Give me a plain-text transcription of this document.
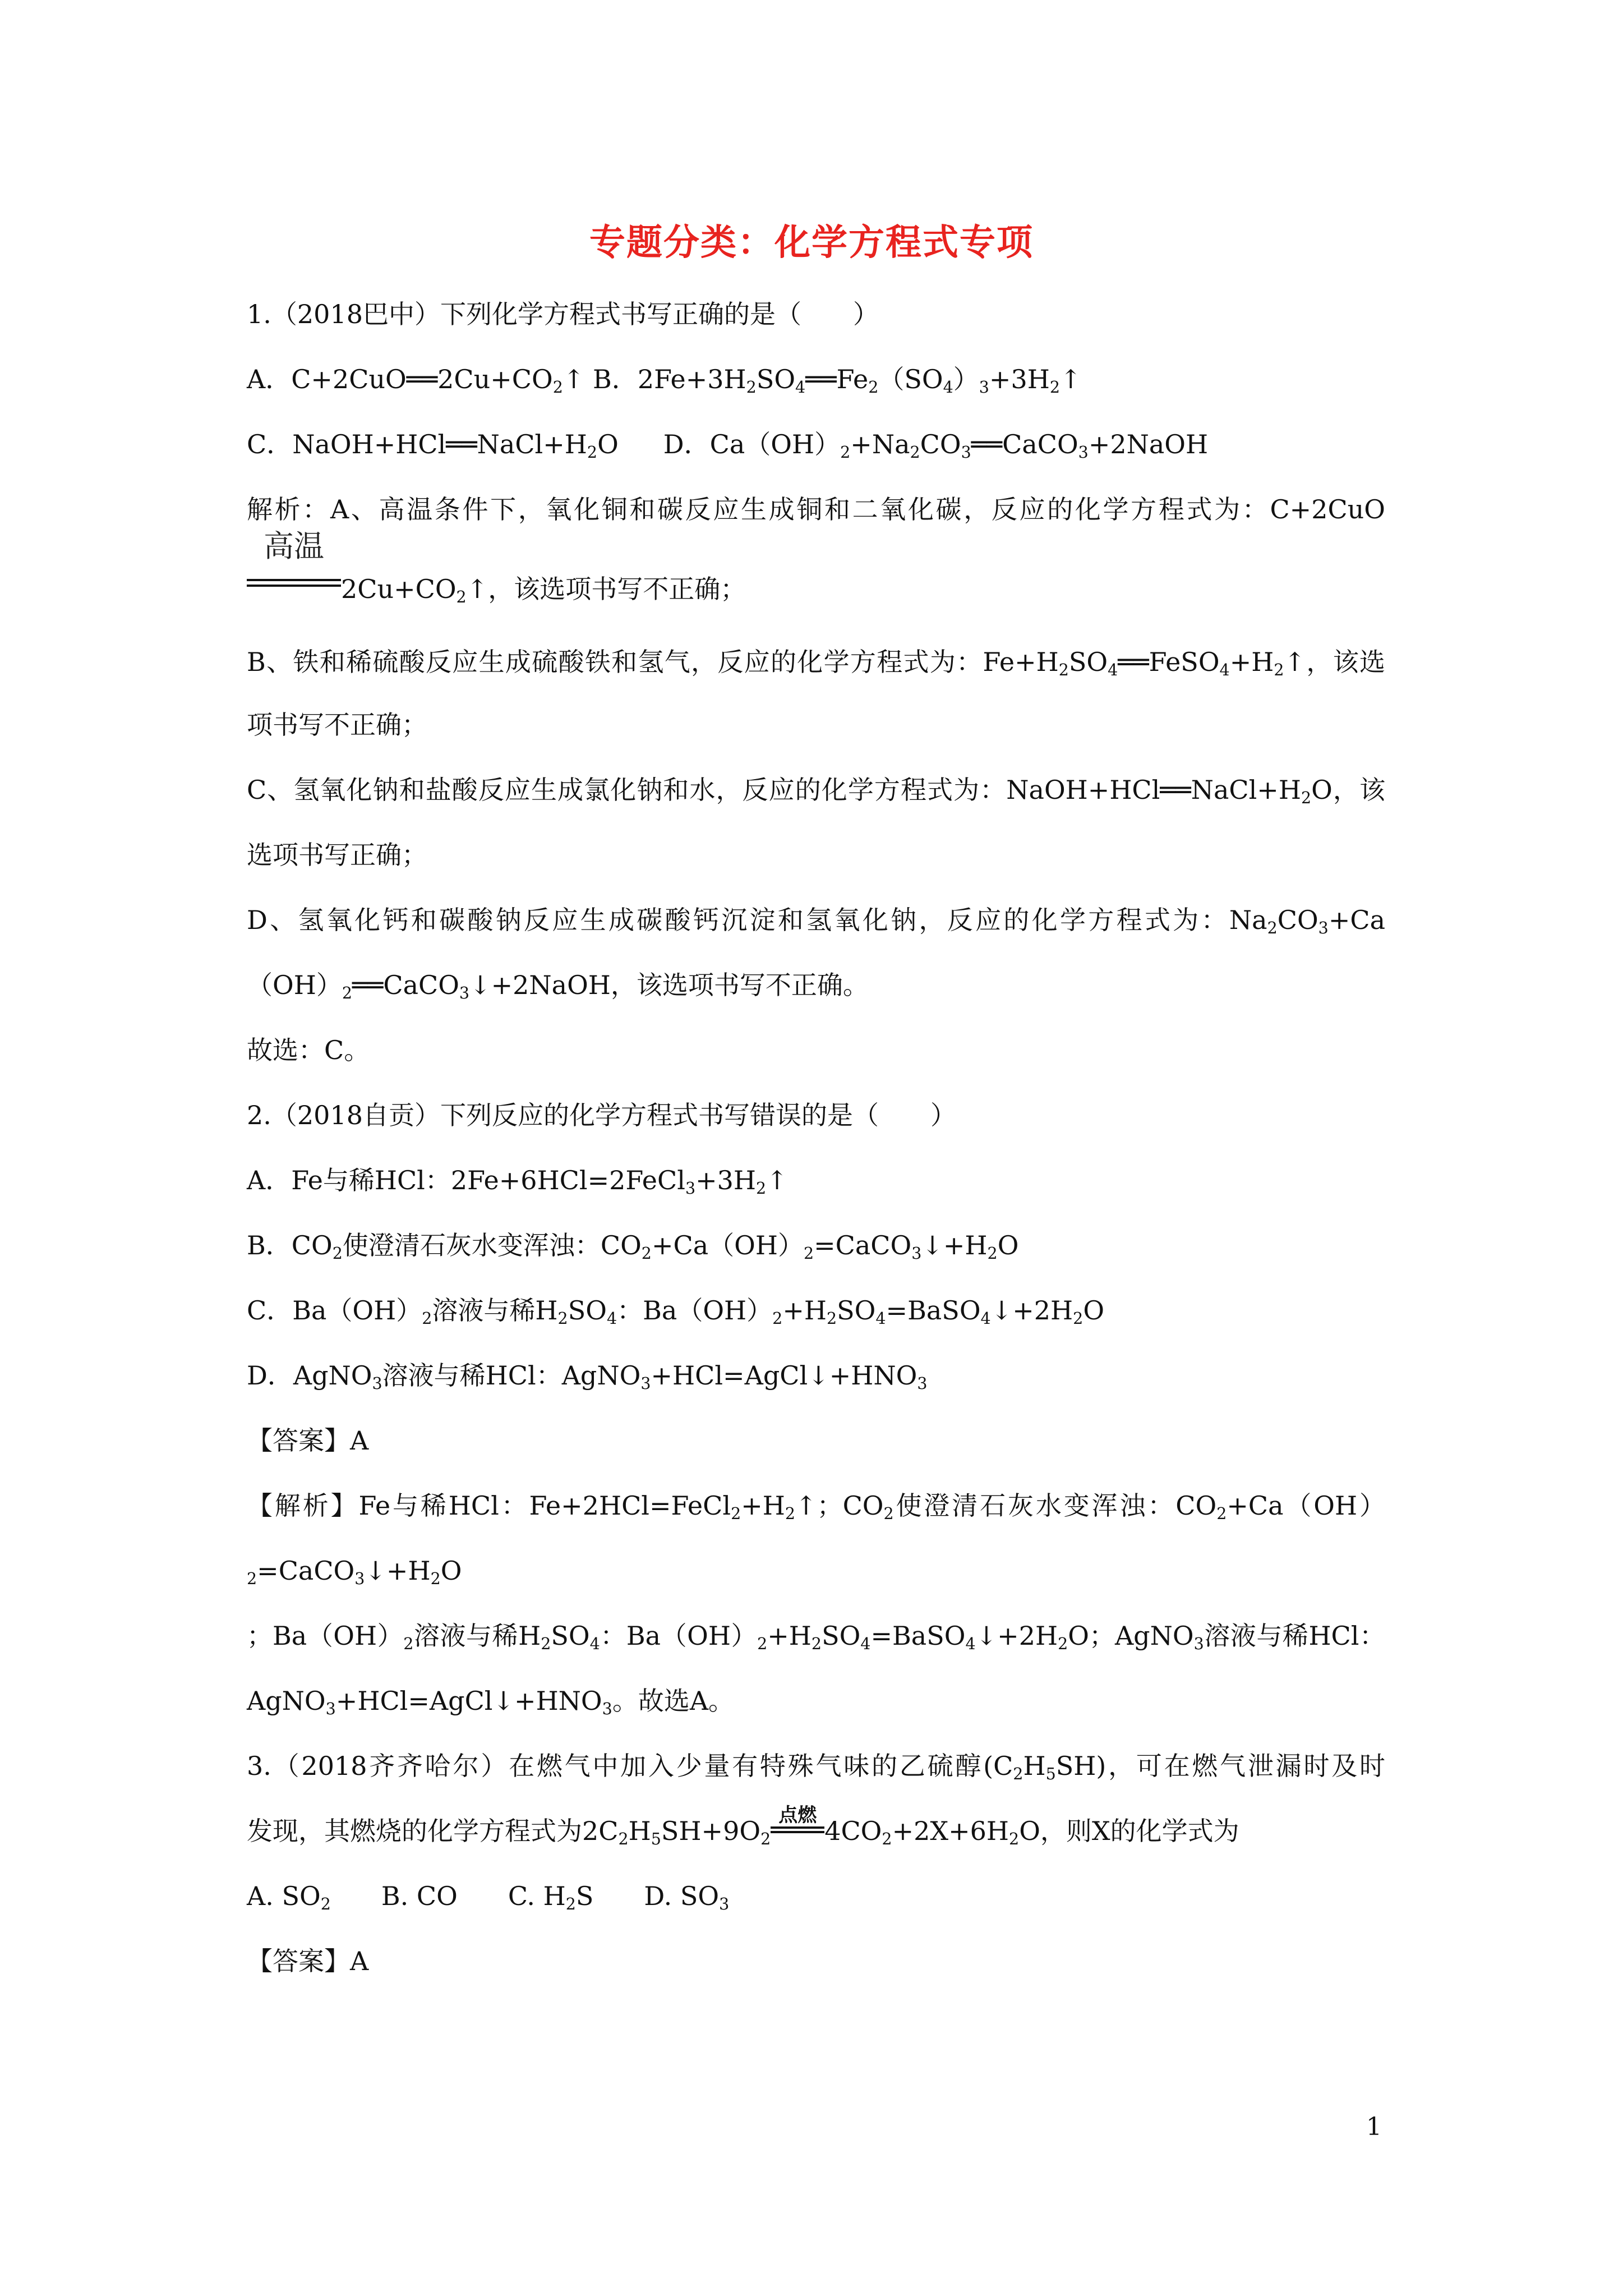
专题分类：化学方程式专项
1.（2018巴中）下列化学方程式书写正确的是（　　）
A．$C+2CuO══2Cu+CO_2↑$ B．$2Fe+3H_2SO_4══Fe_2(SO_4)_3+3H_2↑$
C．$NaOH+HCl══NaCl+H_2O$ D．$Ca(OH)_2+Na_2CO_3══CaCO_3+2NaOH$
解析：A、高温条件下，氧化铜和碳反应生成铜和二氧化碳，反应的化学方程式为：C+2CuO
高温
$2Cu+CO_2↑$，该选项书写不正确；
B、铁和稀硫酸反应生成硫酸铁和氢气，反应的化学方程式为：$Fe+H_2SO_4══FeSO_4+H_2↑$，该选
项书写不正确；
C、氢氧化钠和盐酸反应生成氯化钠和水，反应的化学方程式为：$NaOH+HCl══NaCl+H_2O$，该
选项书写正确；
D、氢氧化钙和碳酸钠反应生成碳酸钙沉淀和氢氧化钠，反应的化学方程式为：$Na_2CO_3+Ca$
$(OH)_2══CaCO_3↓+2NaOH$，该选项书写不正确。
故选：C。
2.（2018自贡）下列反应的化学方程式书写错误的是（　　）
A．Fe与稀HCl：$2Fe+6HCl=2FeCl_3+3H_2↑$
B．$CO_2$使澄清石灰水变浑浊：$CO_2+Ca(OH)_2=CaCO_3↓+H_2O$
C．$Ba(OH)_2$溶液与稀$H_2SO_4$：$Ba(OH)_2+H_2SO_4=BaSO_4↓+2H_2O$
D．AgNO$_3$溶液与稀HCl：$AgNO_3+HCl=AgCl↓+HNO_3$
【答案】A
【解析】Fe与稀HCl：$Fe+2HCl=FeCl_2+H_2↑$；$CO_2$使澄清石灰水变浑浊：$CO_2+Ca(OH)$
$_2=CaCO_3↓+H_2O$
；$Ba(OH)_2$溶液与稀$H_2SO_4$：$Ba(OH)_2+H_2SO_4=BaSO_4↓+2H_2O$；AgNO$_3$溶液与稀HCl：
$AgNO_3+HCl=AgCl↓+HNO_3$。故选A。
3.（2018齐齐哈尔）在燃气中加入少量有特殊气味的乙硫醇$(C_2H_5SH)$，可在燃气泄漏时及时
发现，其燃烧的化学方程式为$2C_2H_5SH+9O_2$
点燃
$4CO_2+2X+6H_2O$，则X的化学式为
A. $SO_2$ B. CO C. $H_2S$ D. $SO_3$
【答案】A
1
